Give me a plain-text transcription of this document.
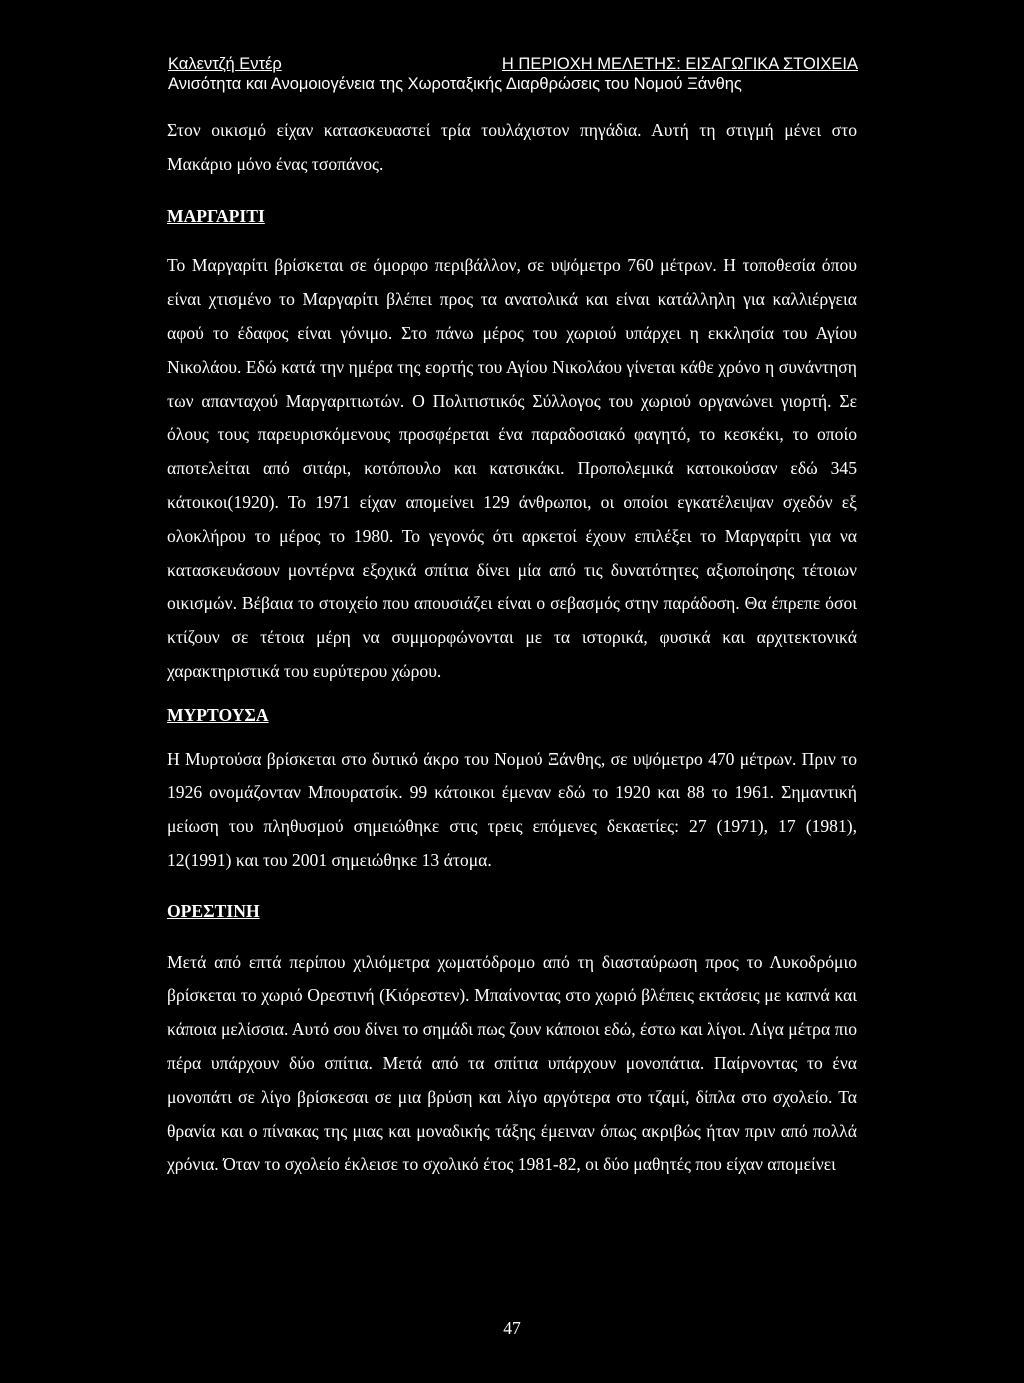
Καλεντζή Εντέρ	Η ΠΕΡΙΟΧΗ ΜΕΛΕΤΗΣ: ΕΙΣΑΓΩΓΙΚΑ ΣΤΟΙΧΕΙΑ
Ανισότητα και Ανομοιογένεια της Χωροταξικής Διαρθρώσεις του Νομού Ξάνθης

Στον οικισμό είχαν κατασκευαστεί τρία τουλάχιστον πηγάδια. Αυτή τη στιγμή μένει στο Μακάριο μόνο ένας τσοπάνος.

ΜΑΡΓΑΡΙΤΙ

Το Μαργαρίτι βρίσκεται σε όμορφο περιβάλλον, σε υψόμετρο 760 μέτρων. Η τοποθεσία όπου είναι χτισμένο το Μαργαρίτι βλέπει προς τα ανατολικά και είναι κατάλληλη για καλλιέργεια αφού το έδαφος είναι γόνιμο. Στο πάνω μέρος του χωριού υπάρχει η εκκλησία του Αγίου Νικολάου. Εδώ κατά την ημέρα της εορτής του Αγίου Νικολάου γίνεται κάθε χρόνο η συνάντηση των απανταχού Μαργαριτιωτών. Ο Πολιτιστικός Σύλλογος του χωριού οργανώνει γιορτή. Σε όλους τους παρευρισκόμενους προσφέρεται ένα παραδοσιακό φαγητό, το κεσκέκι, το οποίο αποτελείται από σιτάρι, κοτόπουλο και κατσικάκι. Προπολεμικά κατοικούσαν εδώ 345 κάτοικοι(1920). Το 1971 είχαν απομείνει 129 άνθρωποι, οι οποίοι εγκατέλειψαν σχεδόν εξ ολοκλήρου το μέρος το 1980. Το γεγονός ότι αρκετοί έχουν επιλέξει το Μαργαρίτι για να κατασκευάσουν μοντέρνα εξοχικά σπίτια δίνει μία από τις δυνατότητες αξιοποίησης τέτοιων οικισμών. Βέβαια το στοιχείο που απουσιάζει είναι ο σεβασμός στην παράδοση. Θα έπρεπε όσοι κτίζουν σε τέτοια μέρη να συμμορφώνονται με τα ιστορικά, φυσικά και αρχιτεκτονικά χαρακτηριστικά του ευρύτερου χώρου.

ΜΥΡΤΟΥΣΑ

Η Μυρτούσα βρίσκεται στο δυτικό άκρο του Νομού Ξάνθης, σε υψόμετρο 470 μέτρων. Πριν το 1926 ονομάζονταν Μπουρατσίκ. 99 κάτοικοι έμεναν εδώ το 1920 και 88 το 1961. Σημαντική μείωση του πληθυσμού σημειώθηκε στις τρεις επόμενες δεκαετίες: 27 (1971), 17 (1981), 12(1991) και του 2001 σημειώθηκε 13 άτομα.

ΟΡΕΣΤΙΝΗ

Μετά από επτά περίπου χιλιόμετρα χωματόδρομο από τη διασταύρωση προς το Λυκοδρόμιο βρίσκεται το χωριό Ορεστινή (Κιόρεστεν). Μπαίνοντας στο χωριό βλέπεις εκτάσεις με καπνά και κάποια μελίσσια. Αυτό σου δίνει το σημάδι πως ζουν κάποιοι εδώ, έστω και λίγοι. Λίγα μέτρα πιο πέρα υπάρχουν δύο σπίτια. Μετά από τα σπίτια υπάρχουν μονοπάτια. Παίρνοντας το ένα μονοπάτι σε λίγο βρίσκεσαι σε μια βρύση και λίγο αργότερα στο τζαμί, δίπλα στο σχολείο. Τα θρανία και ο πίνακας της μιας και μοναδικής τάξης έμειναν όπως ακριβώς ήταν πριν από πολλά χρόνια. Όταν το σχολείο έκλεισε το σχολικό έτος 1981-82, οι δύο μαθητές που είχαν απομείνει

47
